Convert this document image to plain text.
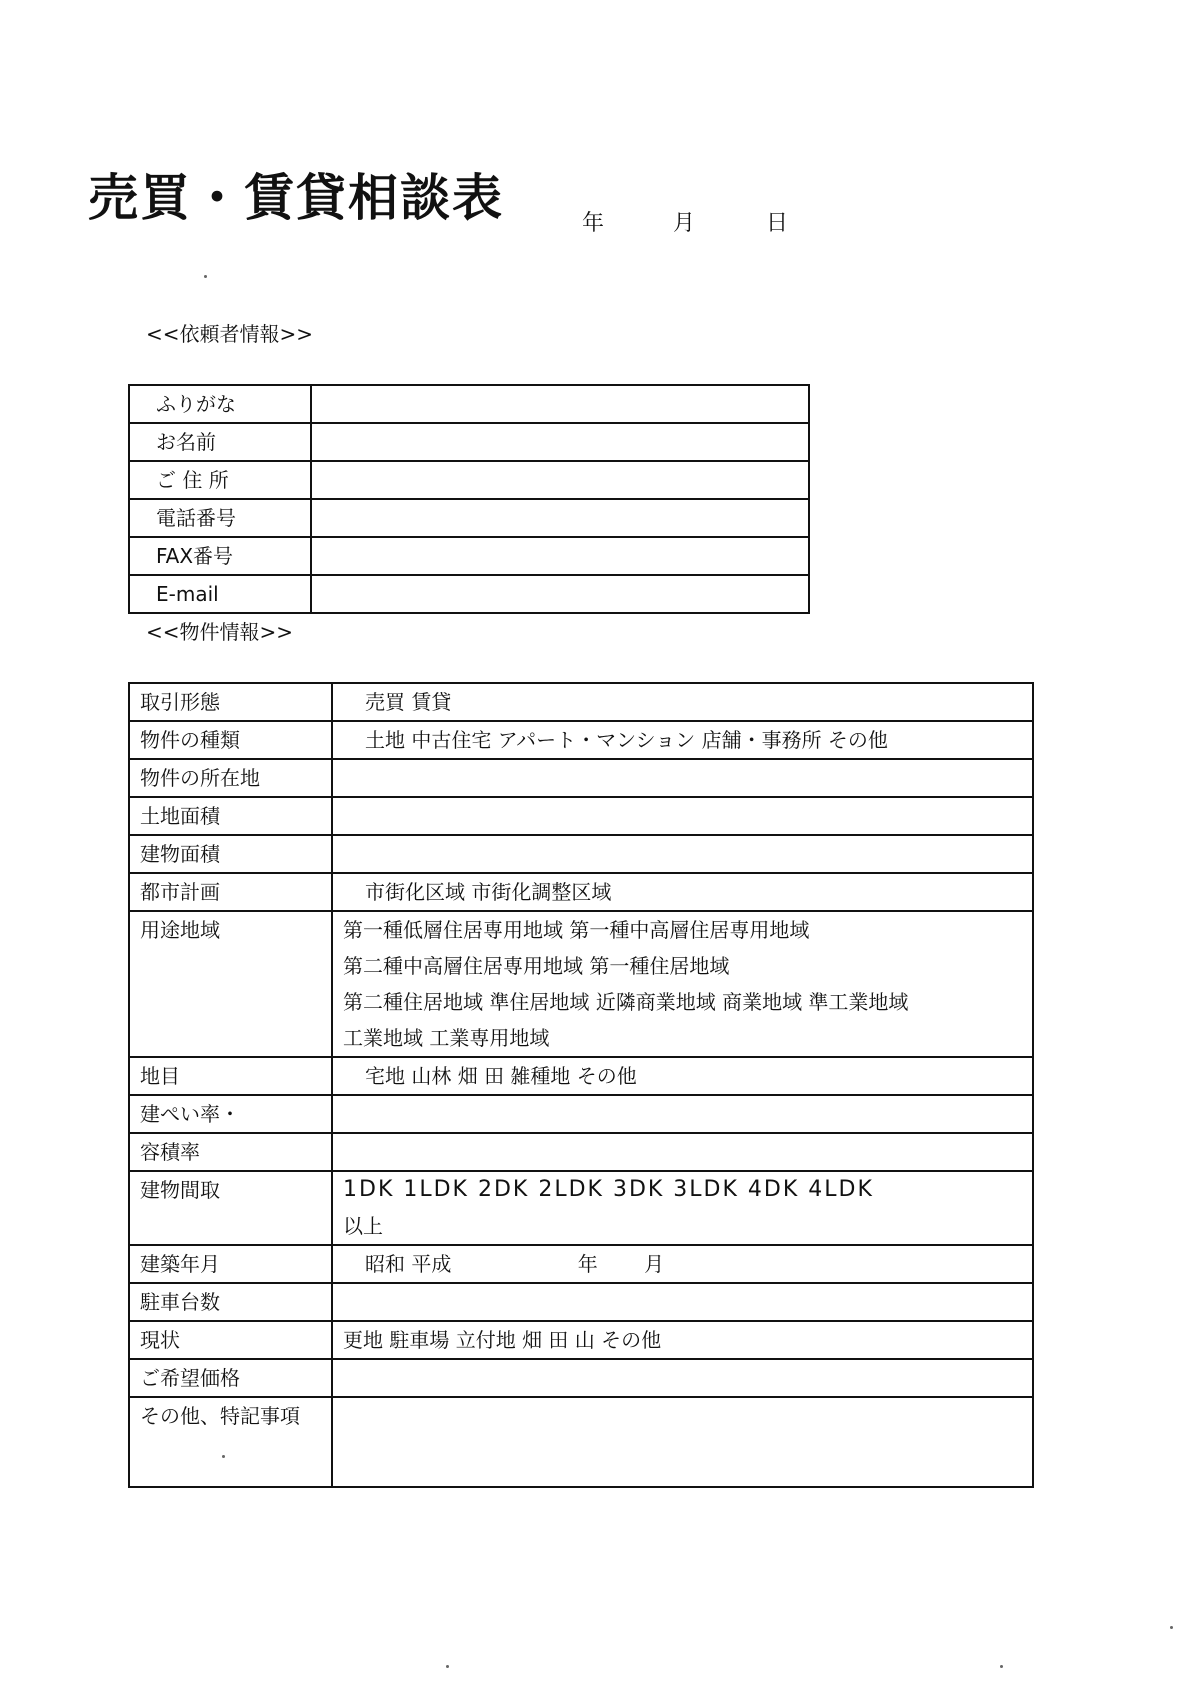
売買・賃貸相談表	年	月	日
<<依頼者情報>>
ふりがな	
お名前	
ご 住 所	
電話番号	
FAX番号	
E-mail	
<<物件情報>>
取引形態	売買 賃貸
物件の種類	土地 中古住宅 アパート・マンション 店舗・事務所 その他
物件の所在地	
土地面積	
建物面積	
都市計画	市街化区域 市街化調整区域
用途地域	第一種低層住居専用地域 第一種中高層住居専用地域
第二種中高層住居専用地域 第一種住居地域
第二種住居地域 準住居地域 近隣商業地域 商業地域 準工業地域
工業地域 工業専用地域

地目	宅地 山林 畑 田 雑種地 その他
建ぺい率・	
容積率	
建物間取	1DK 1LDK 2DK 2LDK 3DK 3LDK 4DK 4LDK
以上

建築年月	昭和 平成 年 月
駐車台数	
現状	更地 駐車場 立付地 畑 田 山 その他
ご希望価格	
その他、特記事項	
